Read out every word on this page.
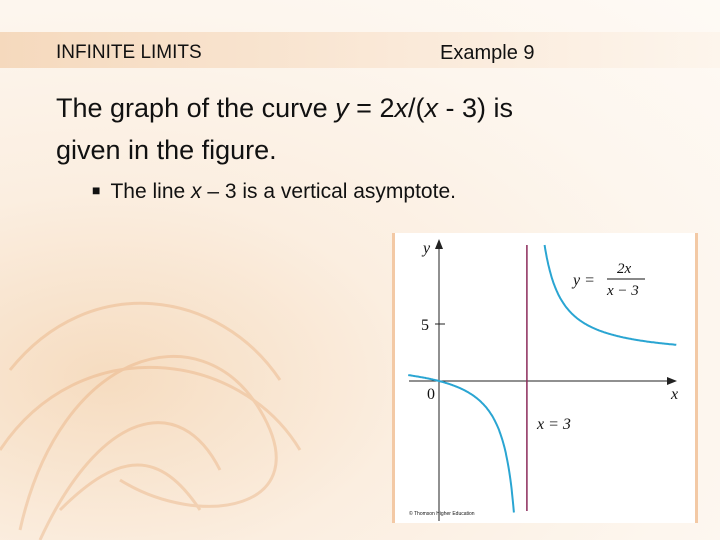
INFINITE LIMITS	Example 9
The graph of the curve y = 2x/(x - 3) is
given in the figure.
■ The line x – 3 is a vertical asymptote.
y
x
5
0
y =
2x
x − 3
x = 3
© Thomson Higher Education
